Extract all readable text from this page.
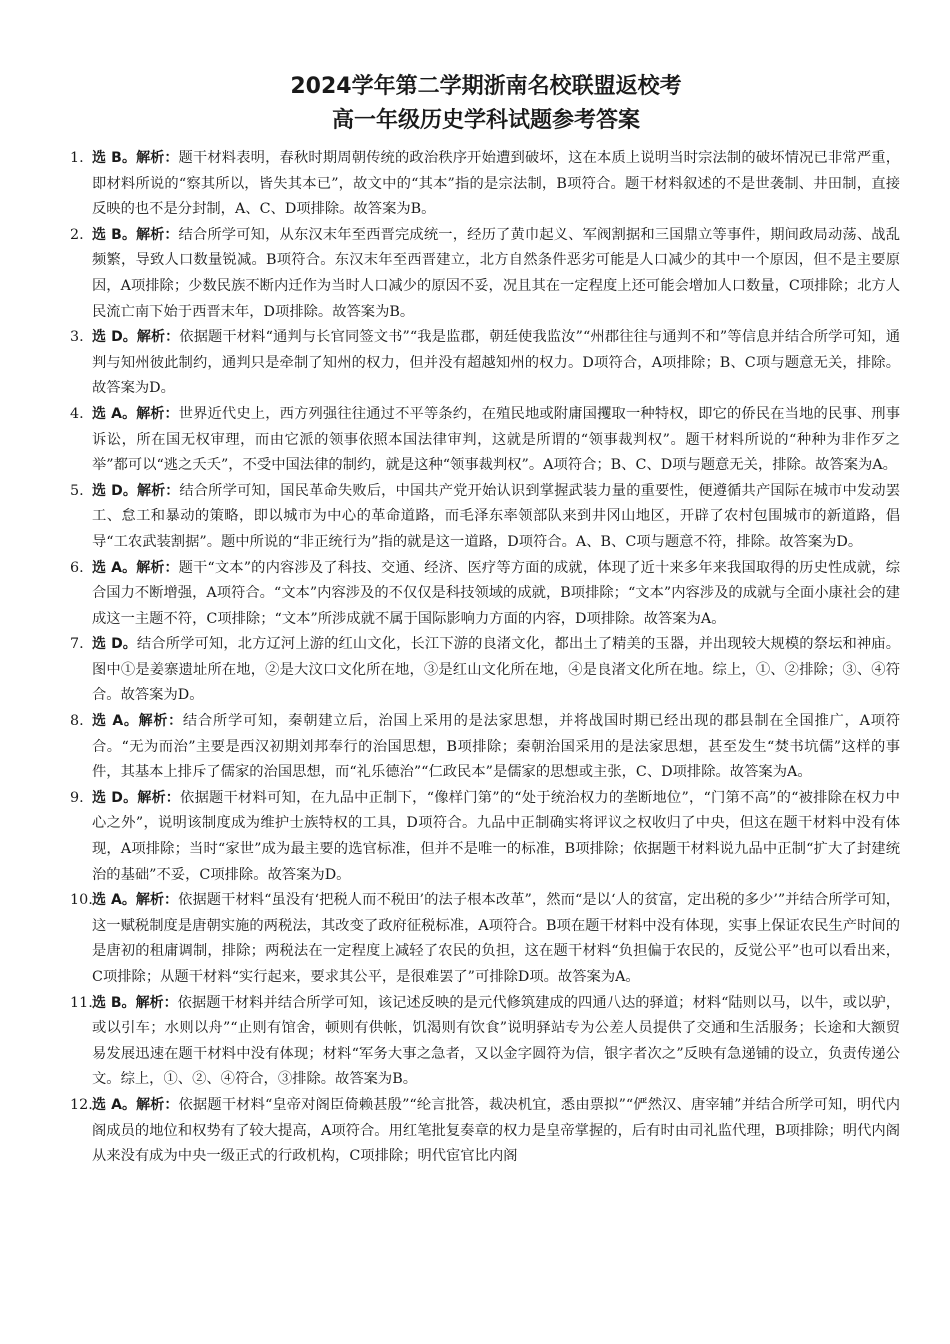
2024学年第二学期浙南名校联盟返校考

高一年级历史学科试题参考答案

1. 选 B。解析：题干材料表明，春秋时期周朝传统的政治秩序开始遭到破坏，这在本质上说明当时宗法制的破坏情况已非常严重，即材料所说的“察其所以，皆失其本已”，故文中的“其本”指的是宗法制，B项符合。题干材料叙述的不是世袭制、井田制，直接反映的也不是分封制，A、C、D项排除。故答案为B。
2. 选 B。解析：结合所学可知，从东汉末年至西晋完成统一，经历了黄巾起义、军阀割据和三国鼎立等事件，期间政局动荡、战乱频繁，导致人口数量锐减。B项符合。东汉末年至西晋建立，北方自然条件恶劣可能是人口减少的其中一个原因，但不是主要原因，A项排除；少数民族不断内迁作为当时人口减少的原因不妥，况且其在一定程度上还可能会增加人口数量，C项排除；北方人民流亡南下始于西晋末年，D项排除。故答案为B。
3. 选 D。解析：依据题干材料“通判与长官同签文书”“我是监郡，朝廷使我监汝”“州郡往往与通判不和”等信息并结合所学可知，通判与知州彼此制约，通判只是牵制了知州的权力，但并没有超越知州的权力。D项符合，A项排除；B、C项与题意无关，排除。故答案为D。
4. 选 A。解析：世界近代史上，西方列强往往通过不平等条约，在殖民地或附庸国攫取一种特权，即它的侨民在当地的民事、刑事诉讼，所在国无权审理，而由它派的领事依照本国法律审判，这就是所谓的“领事裁判权”。题干材料所说的“种种为非作歹之举”都可以“逃之夭夭”，不受中国法律的制约，就是这种“领事裁判权”。A项符合；B、C、D项与题意无关，排除。故答案为A。
5. 选 D。解析：结合所学可知，国民革命失败后，中国共产党开始认识到掌握武装力量的重要性，便遵循共产国际在城市中发动罢工、怠工和暴动的策略，即以城市为中心的革命道路，而毛泽东率领部队来到井冈山地区，开辟了农村包围城市的新道路，倡导“工农武装割据”。题中所说的“非正统行为”指的就是这一道路，D项符合。A、B、C项与题意不符，排除。故答案为D。
6. 选 A。解析：题干“文本”的内容涉及了科技、交通、经济、医疗等方面的成就，体现了近十来多年来我国取得的历史性成就，综合国力不断增强，A项符合。“文本”内容涉及的不仅仅是科技领域的成就，B项排除；“文本”内容涉及的成就与全面小康社会的建成这一主题不符，C项排除；“文本”所涉成就不属于国际影响力方面的内容，D项排除。故答案为A。
7. 选 D。结合所学可知，北方辽河上游的红山文化，长江下游的良渚文化，都出土了精美的玉器，并出现较大规模的祭坛和神庙。图中①是姜寨遗址所在地，②是大汶口文化所在地，③是红山文化所在地，④是良渚文化所在地。综上，①、②排除；③、④符合。故答案为D。
8. 选 A。解析：结合所学可知，秦朝建立后，治国上采用的是法家思想，并将战国时期已经出现的郡县制在全国推广，A项符合。“无为而治”主要是西汉初期刘邦奉行的治国思想，B项排除；秦朝治国采用的是法家思想，甚至发生“焚书坑儒”这样的事件，其基本上排斥了儒家的治国思想，而“礼乐德治”“仁政民本”是儒家的思想或主张，C、D项排除。故答案为A。
9. 选 D。解析：依据题干材料可知，在九品中正制下，“像样门第”的“处于统治权力的垄断地位”，“门第不高”的“被排除在权力中心之外”，说明该制度成为维护士族特权的工具，D项符合。九品中正制确实将评议之权收归了中央，但这在题干材料中没有体现，A项排除；当时“家世”成为最主要的选官标准，但并不是唯一的标准，B项排除；依据题干材料说九品中正制“扩大了封建统治的基础”不妥，C项排除。故答案为D。
10. 选 A。解析：依据题干材料“虽没有‘把税人而不税田’的法子根本改革”，然而“是以‘人的贫富，定出税的多少’”并结合所学可知，这一赋税制度是唐朝实施的两税法，其改变了政府征税标准，A项符合。B项在题干材料中没有体现，实事上保证农民生产时间的是唐初的租庸调制，排除；两税法在一定程度上减轻了农民的负担，这在题干材料“负担偏于农民的，反觉公平”也可以看出来，C项排除；从题干材料“实行起来，要求其公平，是很难罢了”可排除D项。故答案为A。
11. 选 B。解析：依据题干材料并结合所学可知，该记述反映的是元代修筑建成的四通八达的驿道；材料“陆则以马，以牛，或以驴，或以引车；水则以舟”“止则有馆舍，顿则有供帐，饥渴则有饮食”说明驿站专为公差人员提供了交通和生活服务；长途和大额贸易发展迅速在题干材料中没有体现；材料“军务大事之急者，又以金字圆符为信，银字者次之”反映有急递铺的设立，负责传递公文。综上，①、②、④符合，③排除。故答案为B。
12. 选 A。解析：依据题干材料“皇帝对阁臣倚赖甚殷”“纶言批答，裁决机宜，悉由票拟”“俨然汉、唐宰辅”并结合所学可知，明代内阁成员的地位和权势有了较大提高，A项符合。用红笔批复奏章的权力是皇帝掌握的，后有时由司礼监代理，B项排除；明代内阁从来没有成为中央一级正式的行政机构，C项排除；明代宦官比内阁
